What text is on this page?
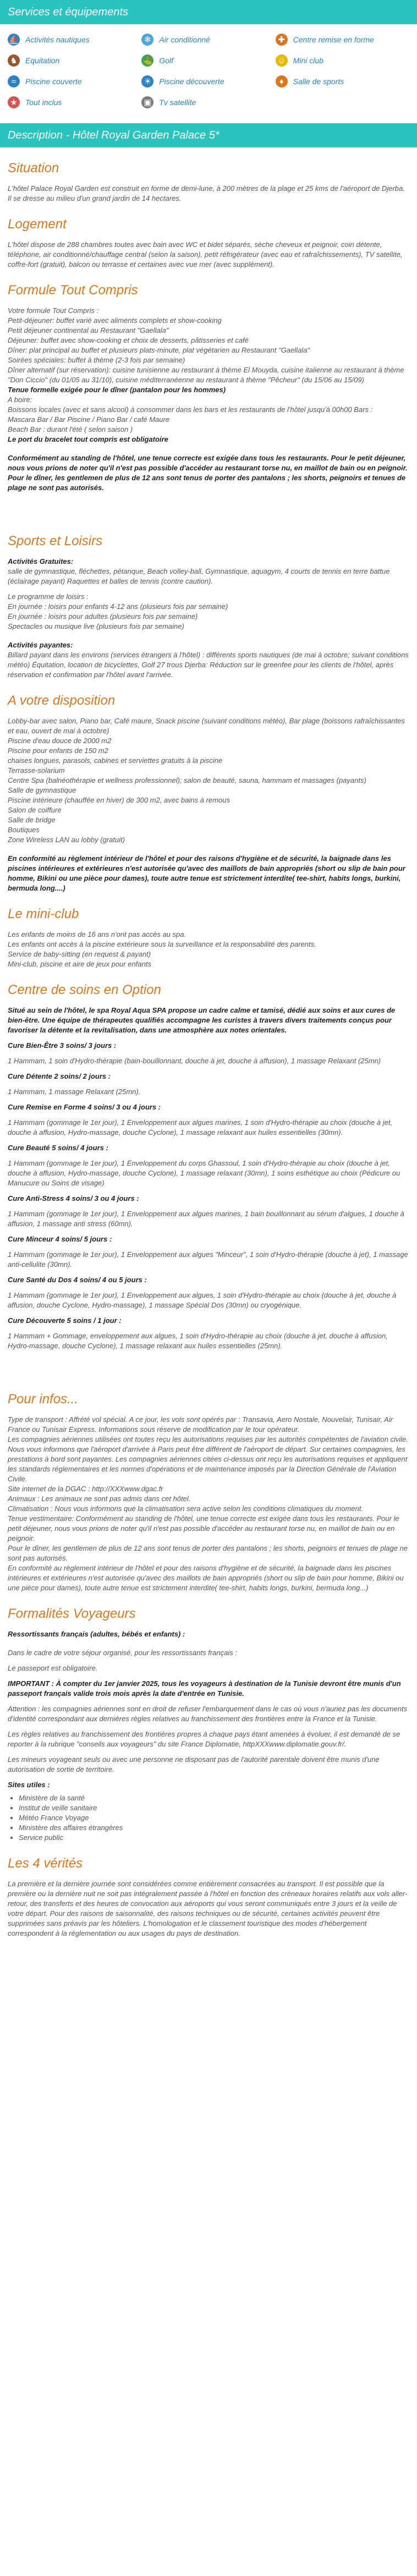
Services et équipements
⛵ Activités nautiques	❄	Air conditionné	✚	Centre remise en forme
♞	Equitation	⛳ Golf	☺ Mini club
≈	Piscine couverte	☀	Piscine découverte	♦	Salle de sports
★	Tout inclus	▣ Tv satellite
Description - Hôtel Royal Garden Palace 5*
Situation

L'hôtel Palace Royal Garden est construit en forme de demi-lune, à 200 mètres de la plage et 25 kms de l'aéroport de Djerba. Il se dresse au milieu d'un grand jardin de 14 hectares.

Logement

L'hôtel dispose de 288 chambres toutes avec bain avec WC et bidet séparés, sèche cheveux et peignoir, coin détente, téléphone, air conditionné/chauffage central (selon la saison), petit réfrigérateur (avec eau et rafraîchissements), TV satellite, coffre-fort (gratuit), balcon ou terrasse et certaines avec vue mer (avec supplément).

Formule Tout Compris
Votre formule Tout Compris :
Petit-déjeuner: buffet varié avec aliments complets et show-cooking
Petit déjeuner continental au Restaurant "Gaellala"
Déjeuner: buffet avec show-cooking et choix de desserts, pâtisseries et café
Dîner: plat principal au buffet et plusieurs plats-minute, plat végétarien au Restaurant "Gaellala"
Soirées spéciales: buffet à thème (2-3 fois par semaine)
Dîner alternatif (sur réservation): cuisine tunisienne au restaurant à thème El Mouyda, cuisine italienne au restaurant à thème "Don Ciccio" (du 01/05 au 31/10), cuisine méditerranéenne au restaurant à thème "Pêcheur" (du 15/06 au 15/09)
Tenue formelle exigée pour le dîner (pantalon pour les hommes)
A boire:
Boissons locales (avec et sans alcool) à consommer dans les bars et les restaurants de l'hôtel jusqu'à 00h00 Bars :
Mascara Bar / Bar Piscine / Piano Bar / café Maure
Beach Bar : durant l'été ( selon saison )
Le port du bracelet tout compris est obligatoire

Conformément au standing de l'hôtel, une tenue correcte est exigée dans tous les restaurants. Pour le petit déjeuner, nous vous prions de noter qu'il n'est pas possible d'accéder au restaurant torse nu, en maillot de bain ou en peignoir. Pour le dîner, les gentlemen de plus de 12 ans sont tenus de porter des pantalons ; les shorts, peignoirs et tenues de plage ne sont pas autorisés.

Sports et Loisirs
Activités Gratuites:

salle de gymnastique, fléchettes, pétanque, Beach volley-ball, Gymnastique, aquagym, 4 courts de tennis en terre battue (éclairage payant) Raquettes et balles de tennis (contre caution).

Le programme de loisirs :
En journée : loisirs pour enfants 4-12 ans (plusieurs fois par semaine)
En journée : loisirs pour adultes (plusieurs fois par semaine)
Spectacles ou musique live (plusieurs fois par semaine)
Activités payantes:

Billard payant dans les environs (services étrangers à l'hôtel) : différents sports nautiques (de mai à octobre; suivant conditions météo) Équitation, location de bicyclettes, Golf 27 trous Djerba: Réduction sur le greenfee pour les clients de l'hôtel, après réservation et confirmation par l'hôtel avant l'arrivée.

A votre disposition
Lobby-bar avec salon, Piano bar, Café maure, Snack piscine (suivant conditions météo), Bar plage (boissons rafraîchissantes et eau, ouvert de mai à octobre)
Piscine d'eau douce de 2000 m2
Piscine pour enfants de 150 m2
chaises longues, parasols, cabines et serviettes gratuits à la piscine
Terrasse-solarium
Centre Spa (balnéothérapie et wellness professionnel); salon de beauté, sauna, hammam et massages (payants)
Salle de gymnastique
Piscine intérieure (chauffée en hiver) de 300 m2, avec bains à remous
Salon de coiffure
Salle de bridge
Boutiques
Zone Wireless LAN au lobby (gratuit)

En conformité au règlement intérieur de l'hôtel et pour des raisons d'hygiène et de sécurité, la baignade dans les piscines intérieures et extérieures n'est autorisée qu'avec des maillots de bain appropriés (short ou slip de bain pour homme, Bikini ou une pièce pour dames), toute autre tenue est strictement interdite( tee-shirt, habits longs, burkini, bermuda long....)

Le mini-club
Les enfants de moins de 16 ans n'ont pas accès au spa.
Les enfants ont accès à la piscine extérieure sous la surveillance et la responsabilité des parents.
Service de baby-sitting (en request & payant)
Mini-club, piscine et aire de jeux pour enfants
Centre de soins en Option

Situé au sein de l'hôtel, le spa Royal Aqua SPA propose un cadre calme et tamisé, dédié aux soins et aux cures de bien-être. Une équipe de thérapeutes qualifiés accompagne les curistes à travers divers traitements conçus pour favoriser la détente et la revitalisation, dans une atmosphère aux notes orientales.

Cure Bien-Être 3 soins/ 3 jours :

1 Hammam, 1 soin d'Hydro-thérapie (bain-bouillonnant, douche à jet, douche à affusion), 1 massage Relaxant (25mn)

Cure Détente 2 soins/ 2 jours :

1 Hammam, 1 massage Relaxant (25mn).

Cure Remise en Forme 4 soins/ 3 ou 4 jours :

1 Hammam (gommage le 1er jour), 1 Enveloppement aux algues marines, 1 soin d'Hydro-thérapie au choix (douche à jet, douche à affusion, Hydro-massage, douche Cyclone), 1 massage relaxant aux huiles essentielles (30mn).

Cure Beauté 5 soins/ 4 jours :

1 Hammam (gommage le 1er jour), 1 Enveloppement du corps Ghassoul, 1 soin d'Hydro-thérapie au choix (douche à jet, douche à affusion, Hydro-massage, douche Cyclone), 1 massage relaxant (30mn), 1 soins esthétique au choix (Pédicure ou Manucure ou Soins de visage)

Cure Anti-Stress 4 soins/ 3 ou 4 jours :

1 Hammam (gommage le 1er jour), 1 Enveloppement aux algues marines, 1 bain bouillonnant au sérum d'algues, 1 douche à affusion, 1 massage anti stress (60mn).

Cure Minceur 4 soins/ 5 jours :

1 Hammam (gommage le 1er jour), 1 Enveloppement aux algues "Minceur", 1 soin d'Hydro-thérapie (douche à jet), 1 massage anti-cellulite (30mn).

Cure Santé du Dos 4 soins/ 4 ou 5 jours :

1 Hammam (gommage le 1er jour), 1 Enveloppement aux algues, 1 soin d'Hydro-thérapie au choix (douche à jet, douche à affusion, douche Cyclone, Hydro-massage), 1 massage Spécial Dos (30mn) ou cryogénique.

Cure Découverte 5 soins / 1 jour :

1 Hammam + Gommage, enveloppement aux algues, 1 soin d'Hydro-thérapie au choix (douche à jet, douche à affusion, Hydro-massage, douche Cyclone), 1 massage relaxant aux huiles essentielles (25mn).

Pour infos...
Type de transport : Affrété vol spécial. A ce jour, les vols sont opérés par : Transavia, Aero Nostale, Nouvelair, Tunisair, Air France ou Tunisair Express. Informations sous réserve de modification par le tour opérateur.
Les compagnies aériennes utilisées ont toutes reçu les autorisations requises par les autorités compétentes de l'aviation civile.
Nous vous informons que l'aéroport d'arrivée à Paris peut être différent de l'aéroport de départ. Sur certaines compagnies, les prestations à bord sont payantes. Les compagnies aériennes citées ci-dessus ont reçu les autorisations requises et appliquent les standards réglementaires et les normes d'opérations et de maintenance imposés par la Direction Générale de l'Aviation Civile.
Site internet de la DGAC : http://XXXwww.dgac.fr
Animaux : Les animaux ne sont pas admis dans cet hôtel.
Climatisation : Nous vous informons que la climatisation sera active selon les conditions climatiques du moment.
Tenue vestimentaire: Conformément au standing de l'hôtel, une tenue correcte est exigée dans tous les restaurants. Pour le petit déjeuner, nous vous prions de noter qu'il n'est pas possible d'accéder au restaurant torse nu, en maillot de bain ou en peignoir.
Pour le dîner, les gentlemen de plus de 12 ans sont tenus de porter des pantalons ; les shorts, peignoirs et tenues de plage ne sont pas autorisés.
En conformité au règlement intérieur de l'hôtel et pour des raisons d'hygiène et de sécurité, la baignade dans les piscines intérieures et extérieures n'est autorisée qu'avec des maillots de bain appropriés (short ou slip de bain pour homme, Bikini ou une pièce pour dames), toute autre tenue est strictement interdite( tee-shirt, habits longs, burkini, bermuda long...)
Formalités Voyageurs
Ressortissants français (adultes, bébés et enfants) :

Dans le cadre de votre séjour organisé, pour les ressortissants français :

Le passeport est obligatoire.

IMPORTANT : À compter du 1er janvier 2025, tous les voyageurs à destination de la Tunisie devront être munis d'un passeport français valide trois mois après la date d'entrée en Tunisie.

Attention : les compagnies aériennes sont en droit de refuser l'embarquement dans le cas où vous n'auriez pas les documents d'identité correspondant aux dernières règles relatives au franchissement des frontières entre la France et la Tunisie.

Les règles relatives au franchissement des frontières propres à chaque pays étant amenées à évoluer, il est demandé de se reporter à la rubrique "conseils aux voyageurs" du site France Diplomatie, httpXXXwww.diplomatie.gouv.fr/.

Les mineurs voyageant seuls ou avec une personne ne disposant pas de l'autorité parentale doivent être munis d'une autorisation de sortie de territoire.

Sites utiles :
• Ministère de la santé
• Institut de veille sanitaire
• Météo France Voyage
• Ministère des affaires étrangères
• Service public
Les 4 vérités

La première et la dernière journée sont considérées comme entièrement consacrées au transport. Il est possible que la première ou la dernière nuit ne soit pas intégralement passée à l'hôtel en fonction des créneaux horaires relatifs aux vols aller-retour, des transferts et des heures de convocation aux aéroports qui vous seront communiqués entre 3 jours et la veille de votre départ. Pour des raisons de saisonnalité, des raisons techniques ou de sécurité, certaines activités peuvent être supprimées sans préavis par les hôteliers. L'homologation et le classement touristique des modes d'hébergement correspondent à la réglementation ou aux usages du pays de destination.
